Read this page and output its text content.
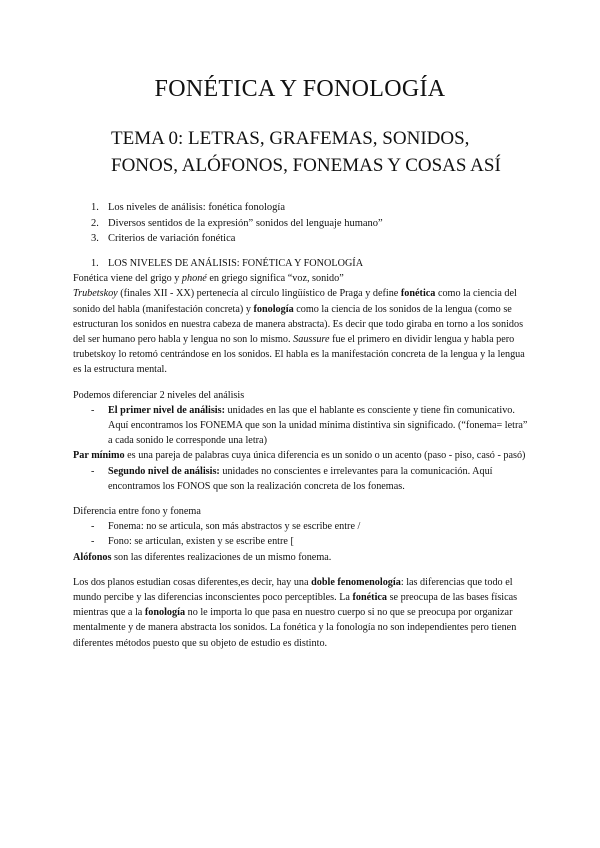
FONÉTICA Y FONOLOGÍA
TEMA 0: LETRAS, GRAFEMAS, SONIDOS,
FONOS, ALÓFONOS, FONEMAS Y COSAS ASÍ
1. Los niveles de análisis: fonética fonología
2. Diversos sentidos de la expresión” sonidos del lenguaje humano”
3. Criterios de variación fonética

1. LOS NIVELES DE ANÁLISIS: FONÉTICA Y FONOLOGÍA

Fonética viene del grigo y phoné en griego significa “voz, sonido”

Trubetskoy (finales XII - XX) pertenecía al círculo lingüístico de Praga y define fonética como la ciencia del sonido del habla (manifestación concreta) y fonología como la ciencia de los sonidos de la lengua (como se estructuran los sonidos en nuestra cabeza de manera abstracta). Es decir que todo giraba en torno a los sonidos del ser humano pero habla y lengua no son lo mismo. Saussure fue el primero en dividir lengua y habla pero trubetskoy lo retomó centrándose en los sonidos. El habla es la manifestación concreta de la lengua y la lengua es la estructura mental.

Podemos diferenciar 2 niveles del análisis

- El primer nivel de análisis: unidades en las que el hablante es consciente y tiene fin comunicativo. Aquí encontramos los FONEMA que son la unidad mínima distintiva sin significado. (“fonema= letra” a cada sonido le corresponde una letra)

Par mínimo es una pareja de palabras cuya única diferencia es un sonido o un acento (paso - piso, casó - pasó)

- Segundo nivel de análisis: unidades no conscientes e irrelevantes para la comunicación. Aquí encontramos los FONOS que son la realización concreta de los fonemas.

Diferencia entre fono y fonema

- Fonema: no se articula, son más abstractos y se escribe entre /

- Fono: se articulan, existen y se escribe entre [

Alófonos son las diferentes realizaciones de un mismo fonema.

Los dos planos estudian cosas diferentes,es decir, hay una doble fenomenología: las diferencias que todo el mundo percibe y las diferencias inconscientes poco perceptibles. La fonética se preocupa de las bases físicas mientras que a la fonología no le importa lo que pasa en nuestro cuerpo si no que se preocupa por organizar mentalmente y de manera abstracta los sonidos. La fonética y la fonología no son independientes pero tienen diferentes métodos puesto que su objeto de estudio es distinto.
